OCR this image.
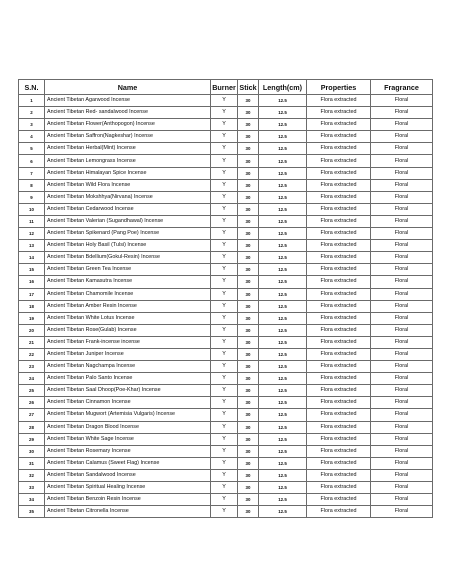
S.N.	Name	Burner	Stick	Length(cm)	Properties	Fragrance
1	Ancient Tibetan Agarwood Incense	Y	30	12.5	Flora extracted	Floral
2	Ancient Tibetan Red- sandalwood Incense	Y	30	12.5	Flora extracted	Floral
3	Ancient Tibetan Flower(Anthopogon) Incense	Y	30	12.5	Flora extracted	Floral
4	Ancient Tibetan Saffron(Nagkeshar) Incense	Y	30	12.5	Flora extracted	Floral
5	Ancient Tibetan Herbal(Mint) Incense	Y	30	12.5	Flora extracted	Floral
6	Ancient Tibetan Lemongrass Incense	Y	30	12.5	Flora extracted	Floral
7	Ancient Tibetan Himalayan Spice Incense	Y	30	12.5	Flora extracted	Floral
8	Ancient Tibetan Wild Flora Incense	Y	30	12.5	Flora extracted	Floral
9	Ancient Tibetan Mokshhya(Nirvana) Incense	Y	30	12.5	Flora extracted	Floral
10	Ancient Tibetan Cedarwood Incense	Y	30	12.5	Flora extracted	Floral
11	Ancient Tibetan Valerian (Sugandhawal) Incense	Y	30	12.5	Flora extracted	Floral
12	Ancient Tibetan Spikenard (Pang Poe) Incense	Y	30	12.5	Flora extracted	Floral
13	Ancient Tibetan Holy Basil (Tulsi) Incense	Y	30	12.5	Flora extracted	Floral
14	Ancient Tibetan Bdellium(Gokul-Resin) Incense	Y	30	12.5	Flora extracted	Floral
15	Ancient Tibetan Green Tea Incense	Y	30	12.5	Flora extracted	Floral
16	Ancient Tibetan Kamasutra Incense	Y	30	12.5	Flora extracted	Floral
17	Ancient Tibetan Chamomile Incense	Y	30	12.5	Flora extracted	Floral
18	Ancient Tibetan Amber Resin Incense	Y	30	12.5	Flora extracted	Floral
19	Ancient Tibetan White Lotus Incense	Y	30	12.5	Flora extracted	Floral
20	Ancient Tibetan Rose(Gulab) Incense	Y	30	12.5	Flora extracted	Floral
21	Ancient Tibetan Frank-incense incense	Y	30	12.5	Flora extracted	Floral
22	Ancient Tibetan Juniper Incense	Y	30	12.5	Flora extracted	Floral
23	Ancient Tibetan Nagchampa Incense	Y	30	12.5	Flora extracted	Floral
24	Ancient Tibetan Palo Santo Incense	Y	30	12.5	Flora extracted	Floral
25	Ancient Tibetan Saal Dhoop(Poe-Khar) Incense	Y	30	12.5	Flora extracted	Floral
26	Ancient Tibetan Cinnamon Incense	Y	30	12.5	Flora extracted	Floral
27	Ancient Tibetan Mugwort (Artemisia Vulgaris) Incense	Y	30	12.5	Flora extracted	Floral
28	Ancient Tibetan Dragon Blood Incense	Y	30	12.5	Flora extracted	Floral
29	Ancient Tibetan White Sage Incense	Y	30	12.5	Flora extracted	Floral
30	Ancient Tibetan Rosemary Incense	Y	30	12.5	Flora extracted	Floral
31	Ancient Tibetan Calamus (Sweet Flag) Incense	Y	30	12.5	Flora extracted	Floral
32	Ancient Tibetan Sandalwood Incense	Y	30	12.5	Flora extracted	Floral
33	Ancient Tibetan Spiritual Healing Incense	Y	30	12.5	Flora extracted	Floral
34	Ancient Tibetan Benzoin Resin Incense	Y	30	12.5	Flora extracted	Floral
35	Ancient Tibetan Citronella Incense	Y	30	12.5	Flora extracted	Floral
